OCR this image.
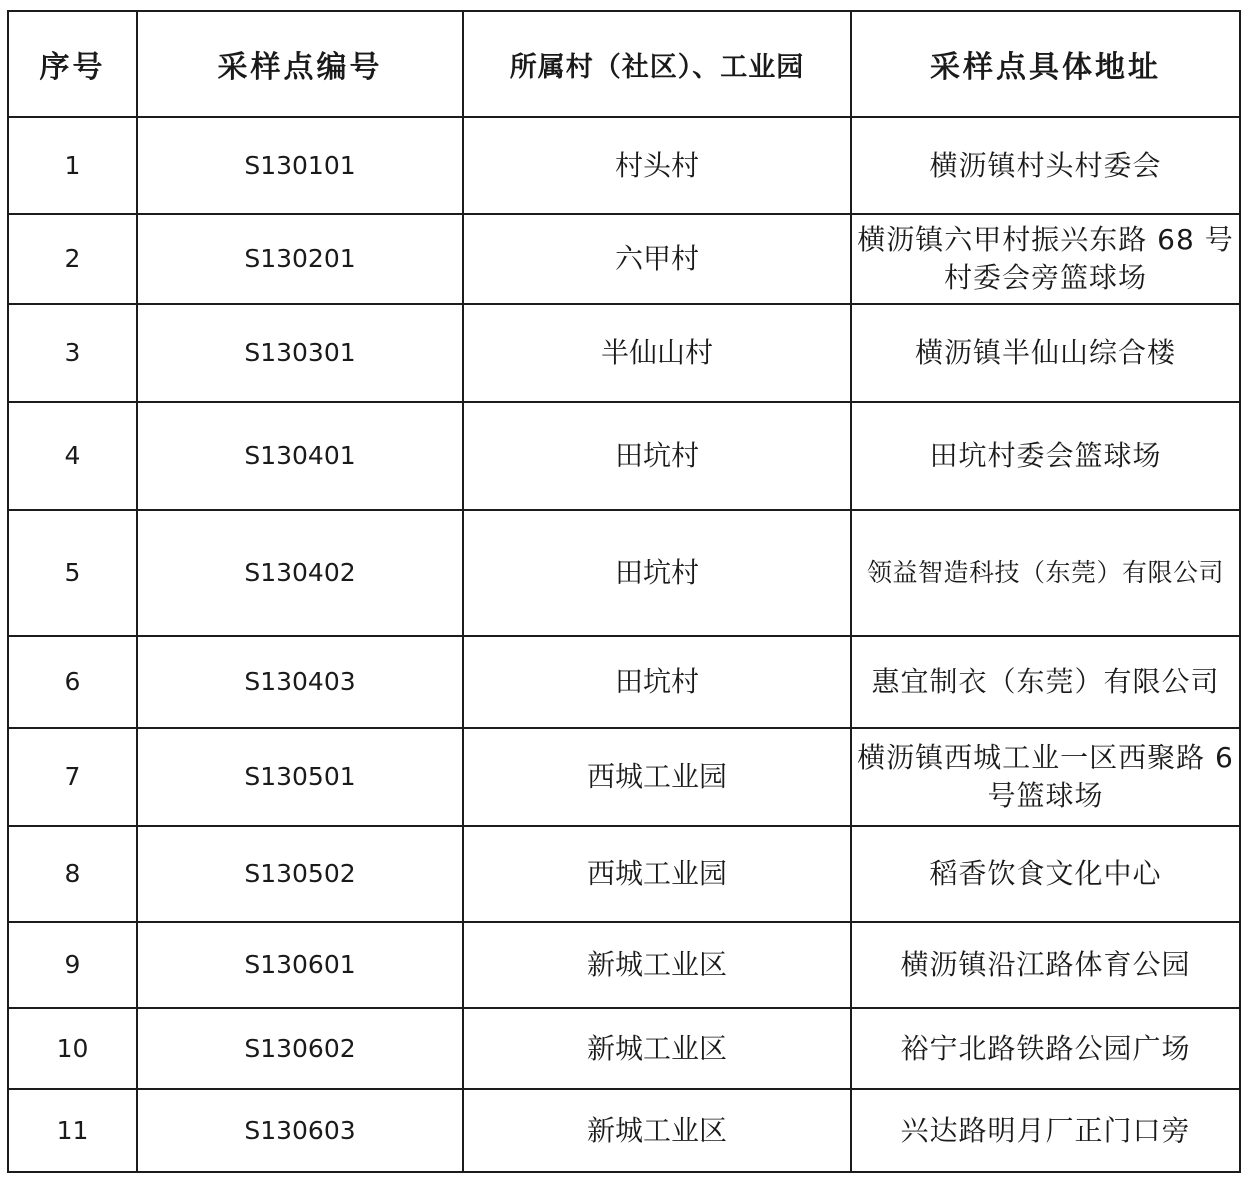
序号	采样点编号	所属村（社区）、工业园	采样点具体地址
1	S130101	村头村	横沥镇村头村委会
2	S130201	六甲村	横沥镇六甲村振兴东路 68 号村委会旁篮球场
3	S130301	半仙山村	横沥镇半仙山综合楼
4	S130401	田坑村	田坑村委会篮球场
5	S130402	田坑村	领益智造科技（东莞）有限公司
6	S130403	田坑村	惠宜制衣（东莞）有限公司
7	S130501	西城工业园	横沥镇西城工业一区西聚路 6 号篮球场
8	S130502	西城工业园	稻香饮食文化中心
9	S130601	新城工业区	横沥镇沿江路体育公园
10	S130602	新城工业区	裕宁北路铁路公园广场
11	S130603	新城工业区	兴达路明月厂正门口旁
